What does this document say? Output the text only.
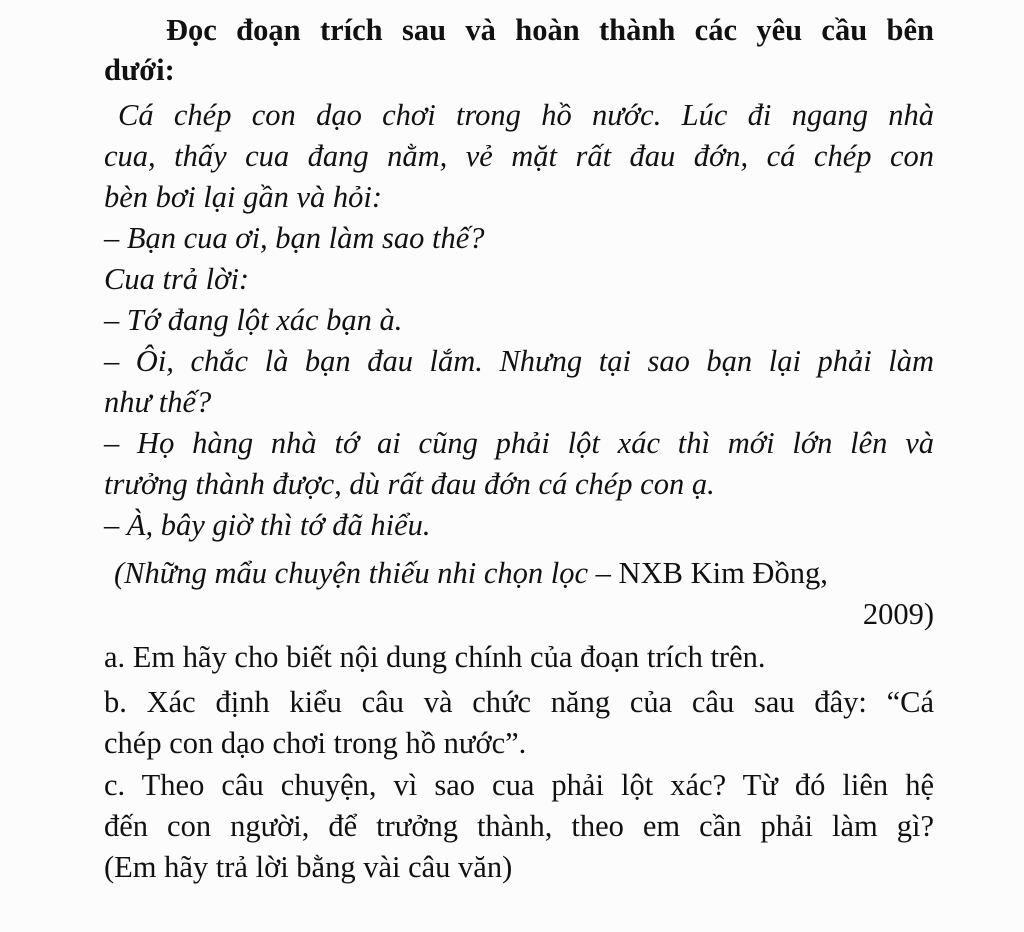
Đọc đoạn trích sau và hoàn thành các yêu cầu bên
dưới:
Cá chép con dạo chơi trong hồ nước. Lúc đi ngang nhà
cua, thấy cua đang nằm, vẻ mặt rất đau đớn, cá chép con
bèn bơi lại gần và hỏi:
– Bạn cua ơi, bạn làm sao thế?
Cua trả lời:
– Tớ đang lột xác bạn à.
– Ôi, chắc là bạn đau lắm. Nhưng tại sao bạn lại phải làm
như thế?
– Họ hàng nhà tớ ai cũng phải lột xác thì mới lớn lên và
trưởng thành được, dù rất đau đớn cá chép con ạ.
– À, bây giờ thì tớ đã hiểu.
(Những mẩu chuyện thiếu nhi chọn lọc – NXB Kim Đồng,
2009)
a. Em hãy cho biết nội dung chính của đoạn trích trên.
b. Xác định kiểu câu và chức năng của câu sau đây: “Cá
chép con dạo chơi trong hồ nước”.
c. Theo câu chuyện, vì sao cua phải lột xác? Từ đó liên hệ
đến con người, để trưởng thành, theo em cần phải làm gì?
(Em hãy trả lời bằng vài câu văn)
